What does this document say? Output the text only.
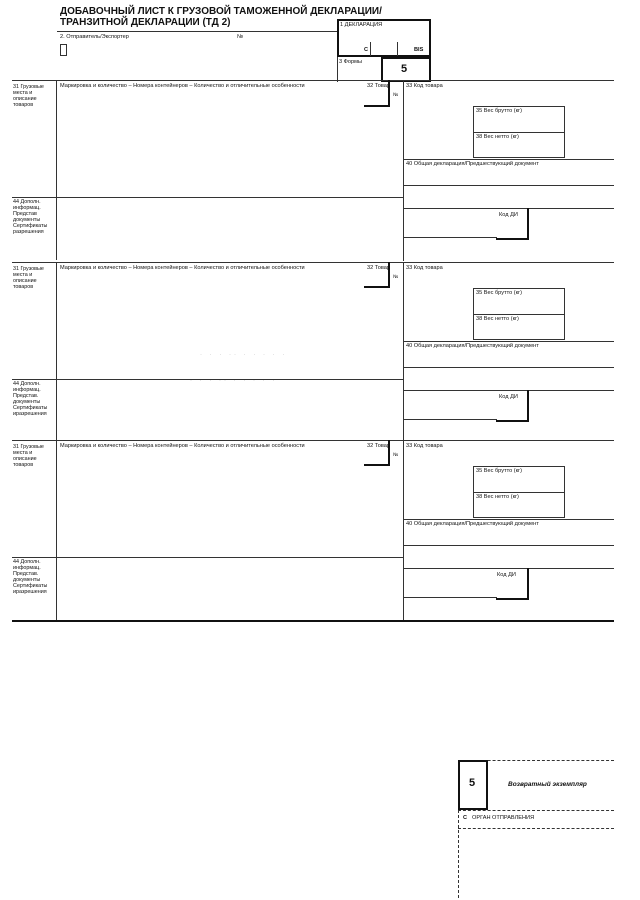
ДОБАВОЧНЫЙ ЛИСТ К ГРУЗОВОЙ ТАМОЖЕННОЙ ДЕКЛАРАЦИИ/
ТРАНЗИТНОЙ ДЕКЛАРАЦИИ (ТД 2)
2. Отправитель/Экспортер	№
1 ДЕКЛАРАЦИЯ
C	BIS
3 Формы
5
31 Грузовые
места и
описание
товаров
Маркировка и количество – Номера контейнеров – Количество и отличительные особенности	32 Товар
№
33 Код товара
35 Вес брутто (кг)
38 Вес нетто (кг)
40 Общая декларация/Предшествующий документ
44 Дополн.
информац.
Представ
документы
Сертификаты
разрешения
Код ДИ
31 Грузовые
места и
описание
товаров
Маркировка и количество – Номера контейнеров – Количество и отличительные особенности	32 Товар
№
33 Код товара
35 Вес брутто (кг)
38 Вес нетто (кг)
40 Общая декларация/Предшествующий документ
44 Дополн.
информац.
Представ.
документы
Сертификаты
иразрешения
Код ДИ
31 Грузовые
места и
описание
товаров
Маркировка и количество – Номера контейнеров – Количество и отличительные особенности	32 Товар
№
33 Код товара
35 Вес брутто (кг)
38 Вес нетто (кг)
40 Общая декларация/Предшествующий документ
44 Дополн.
информац.
Представ.
документы
Сертификаты
иразрешения
Код ДИ
· · · ·· · · · · ·
· · · ·· · · · · ·
5	Возвратный экземпляр
C ОРГАН ОТПРАВЛЕНИЯ
